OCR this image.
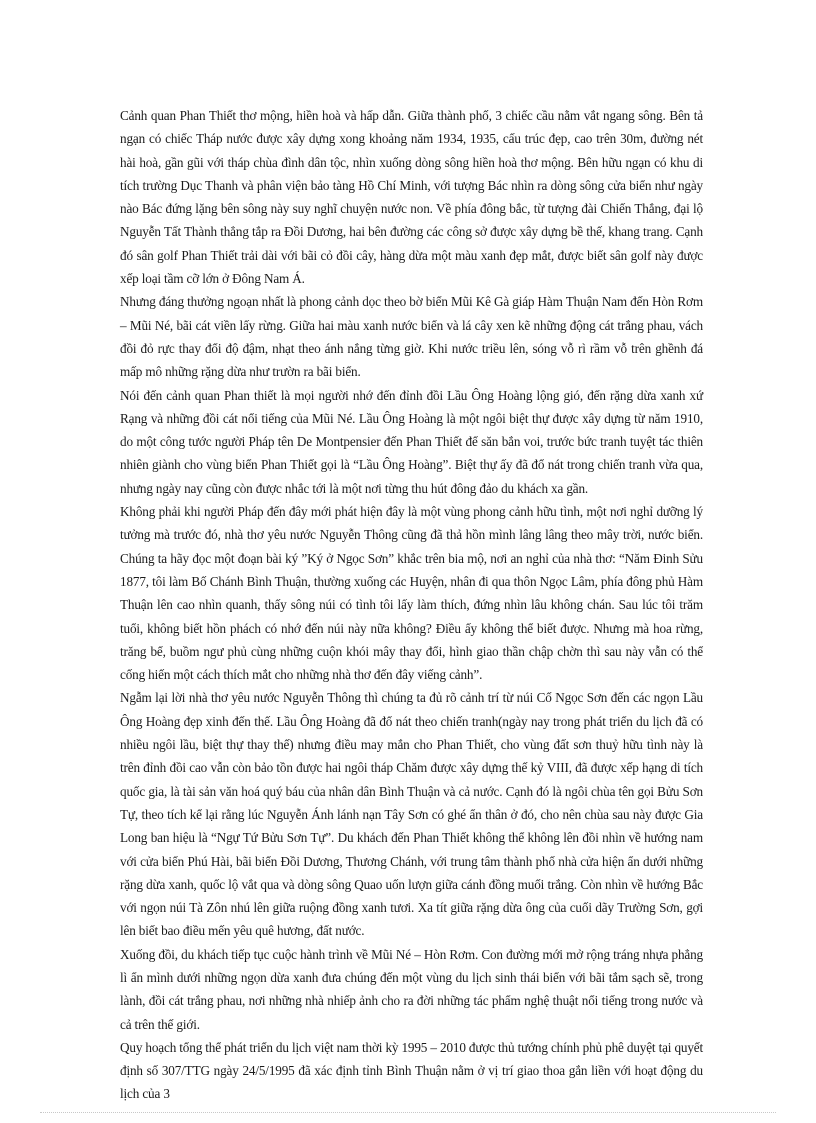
Cảnh quan Phan Thiết thơ mộng, hiền hoà và hấp dẫn. Giữa thành phố, 3 chiếc cầu nằm vắt ngang sông. Bên tả ngạn có chiếc Tháp nước được xây dựng xong khoảng năm 1934, 1935, cấu trúc đẹp, cao trên 30m, đường nét hài hoà, gần gũi với tháp chùa đình dân tộc, nhìn xuống dòng sông hiền hoà thơ mộng. Bên hữu ngạn có khu di tích trường Dục Thanh và phân viện bảo tàng Hồ Chí Minh, với tượng Bác nhìn ra dòng sông cửa biển như ngày nào Bác đứng lặng bên sông này suy nghĩ chuyện nước non. Về phía đông bắc, từ tượng đài Chiến Thắng, đại lộ Nguyễn Tất Thành thẳng tắp ra Đồi Dương, hai bên đường các công sở được xây dựng bề thế, khang trang. Cạnh đó sân golf Phan Thiết trải dài với bãi cỏ đồi cây, hàng dừa một màu xanh đẹp mắt, được biết sân golf này được xếp loại tầm cỡ lớn ở Đông Nam Á.

Nhưng đáng thưởng ngoạn nhất là phong cảnh dọc theo bờ biển Mũi Kê Gà giáp Hàm Thuận Nam đến Hòn Rơm – Mũi Né, bãi cát viền lấy rừng. Giữa hai màu xanh nước biển và lá cây xen kẽ những động cát trắng phau, vách đồi đỏ rực thay đổi độ đậm, nhạt theo ánh nắng từng giờ. Khi nước triều lên, sóng vỗ rì rầm vỗ trên ghềnh đá mấp mô những rặng dừa như trườn ra bãi biển.

Nói đến cảnh quan Phan thiết là mọi người nhớ đến đỉnh đồi Lầu Ông Hoàng lộng gió, đến rặng dừa xanh xứ Rạng và những đồi cát nổi tiếng của Mũi Né. Lầu Ông Hoàng là một ngôi biệt thự được xây dựng từ năm 1910, do một công tước người Pháp tên De Montpensier đến Phan Thiết để săn bắn voi, trước bức tranh tuyệt tác thiên nhiên giành cho vùng biển Phan Thiết gọi là “Lầu Ông Hoàng”. Biệt thự ấy đã đổ nát trong chiến tranh vừa qua, nhưng ngày nay cũng còn được nhắc tới là một nơi từng thu hút đông đảo du khách xa gần.

Không phải khi người Pháp đến đây mới phát hiện đây là một vùng phong cảnh hữu tình, một nơi nghỉ dưỡng lý tưởng mà trước đó, nhà thơ yêu nước Nguyễn Thông cũng đã thả hồn mình lâng lâng theo mây trời, nước biển. Chúng ta hãy đọc một đoạn bài ký ”Ký ở Ngọc Sơn” khắc trên bia mộ, nơi an nghỉ của nhà thơ: “Năm Đinh Sửu 1877, tôi làm Bố Chánh Bình Thuận, thường xuống các Huyện, nhân đi qua thôn Ngọc Lâm, phía đông phủ Hàm Thuận lên cao nhìn quanh, thấy sông núi có tình tôi lấy làm thích, đứng nhìn lâu không chán. Sau lúc tôi trăm tuổi, không biết hồn phách có nhớ đến núi này nữa không? Điều ấy không thể biết được. Nhưng mà hoa rừng, trăng bể, buồm ngư phủ cùng những cuộn khói mây thay đổi, hình giao thần chập chờn thì sau này vẫn có thể cống hiến một cách thích mắt cho những nhà thơ đến đây viếng cảnh”.

Ngẫm lại lời nhà thơ yêu nước Nguyễn Thông thì chúng ta đủ rõ cảnh trí từ núi Cố Ngọc Sơn đến các ngọn Lầu Ông Hoàng đẹp xinh đến thế. Lầu Ông Hoàng đã đổ nát theo chiến tranh(ngày nay trong phát triển du lịch đã có nhiều ngôi lầu, biệt thự thay thế) nhưng điều may mắn cho Phan Thiết, cho vùng đất sơn thuỷ hữu tình này là trên đỉnh đồi cao vẫn còn bảo tồn được hai ngôi tháp Chăm được xây dựng thế kỷ VIII, đã được xếp hạng di tích quốc gia, là tài sản văn hoá quý báu của nhân dân Bình Thuận và cả nước. Cạnh đó là ngôi chùa tên gọi Bửu Sơn Tự, theo tích kể lại rằng lúc Nguyễn Ánh lánh nạn Tây Sơn có ghé ẩn thân ở đó, cho nên chùa sau này được Gia Long ban hiệu là “Ngự Tứ Bửu Sơn Tự”. Du khách đến Phan Thiết không thể không lên đồi nhìn về hướng nam với cửa biển Phú Hài, bãi biển Đồi Dương, Thương Chánh, với trung tâm thành phố nhà cửa hiện ẩn dưới những rặng dừa xanh, quốc lộ vắt qua và dòng sông Quao uốn lượn giữa cánh đồng muối trắng. Còn nhìn về hướng Bắc với ngọn núi Tà Zôn nhú lên giữa ruộng đồng xanh tươi. Xa tít giữa rặng dừa ông của cuối dãy Trường Sơn, gợi lên biết bao điều mến yêu quê hương, đất nước.

Xuống đồi, du khách tiếp tục cuộc hành trình về Mũi Né – Hòn Rơm. Con đường mới mở rộng tráng nhựa phẳng lì ẩn mình dưới những ngọn dừa xanh đưa chúng đến một vùng du lịch sinh thái biển với bãi tắm sạch sẽ, trong lành, đồi cát trắng phau, nơi những nhà nhiếp ảnh cho ra đời những tác phẩm nghệ thuật nổi tiếng trong nước và cả trên thế giới.

Quy hoạch tổng thể phát triển du lịch việt nam thời kỳ 1995 – 2010 được thủ tướng chính phủ phê duyệt tại quyết định số 307/TTG ngày 24/5/1995 đã xác định tỉnh Bình Thuận nằm ở vị trí giao thoa gắn liền với hoạt động du lịch của 3
